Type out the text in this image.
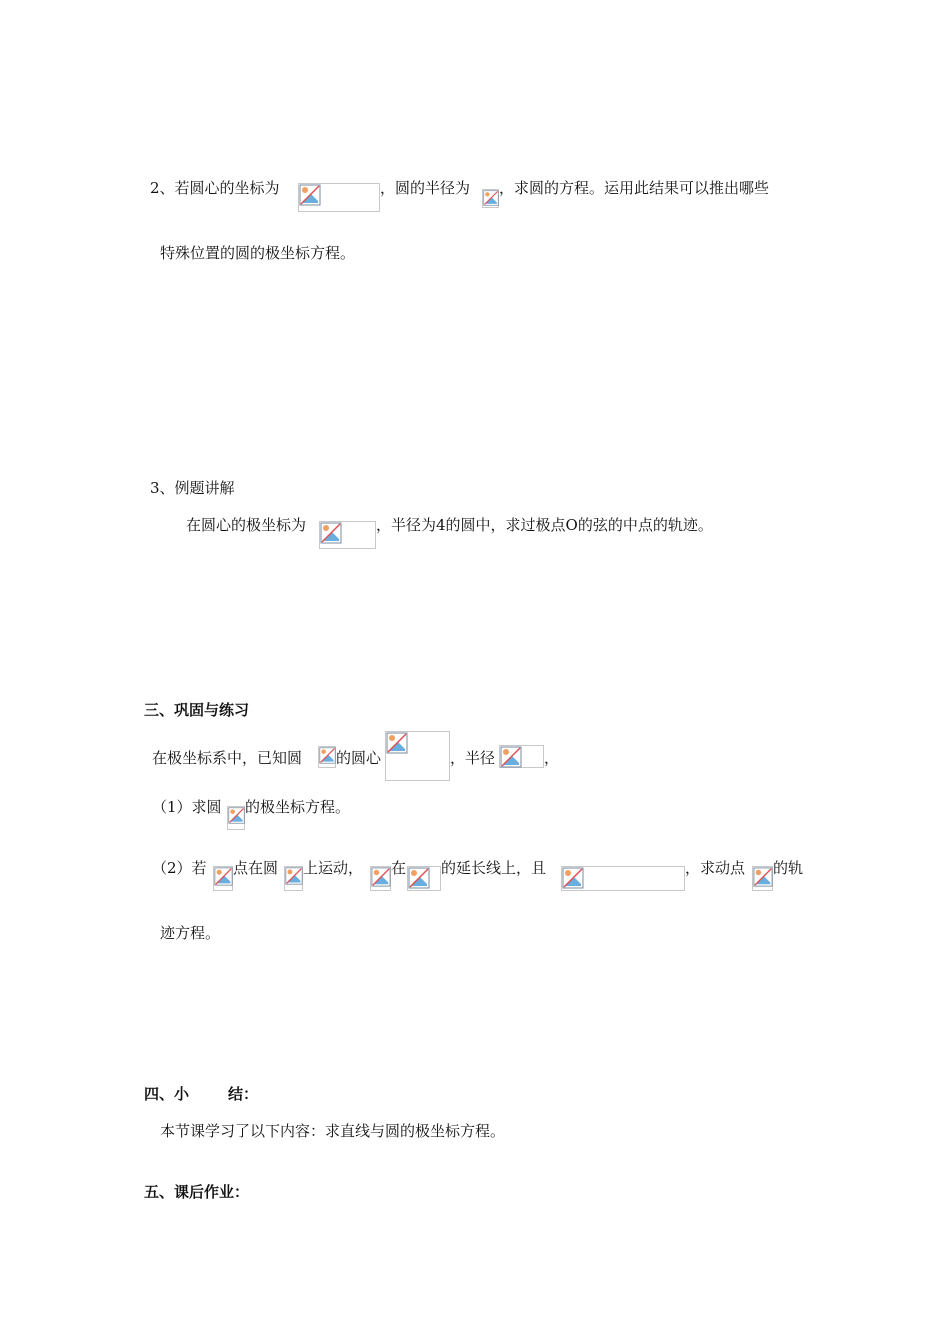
2、若圆心的坐标为	，圆的半径为 ，求圆的方程。运用此结果可以推出哪些
特殊位置的圆的极坐标方程。
3、例题讲解
在圆心的极坐标为	，半径为4的圆中，求过极点O的弦的中点的轨迹。
三、巩固与练习
在极坐标系中，已知圆 的圆心	，半径	，
（1）求圆 的极坐标方程。
（2）若 点在圆 上运动， 在 的延长线上，且	，求动点 的轨
迹方程。
四、小	结：
本节课学习了以下内容：求直线与圆的极坐标方程。
五、课后作业：
